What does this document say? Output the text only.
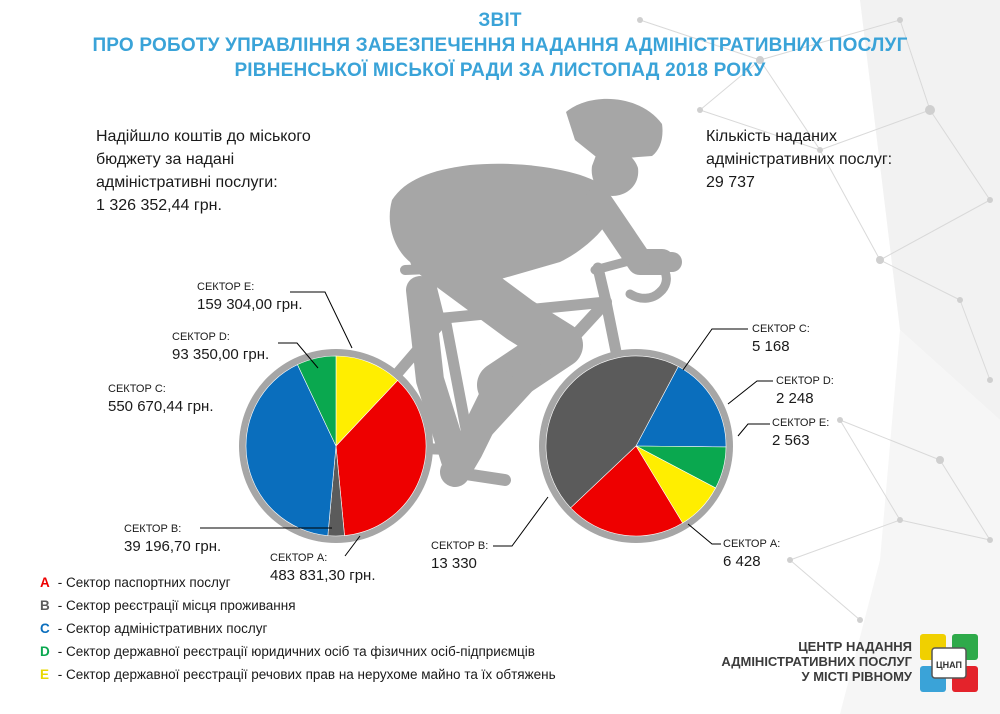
ЗВІТ
ПРО РОБОТУ УПРАВЛІННЯ ЗАБЕЗПЕЧЕННЯ НАДАННЯ АДМІНІСТРАТИВНИХ ПОСЛУГ
РІВНЕНСЬКОЇ МІСЬКОЇ РАДИ ЗА ЛИСТОПАД 2018 РОКУ
Надійшло коштів до міського
бюджету за надані
адміністративні послуги:
1 326 352,44 грн.
Кількість наданих
адміністративних послуг:
29 737
СЕКТОР E:
159 304,00 грн.
СЕКТОР D:
93 350,00 грн.
СЕКТОР C:
550 670,44 грн.
СЕКТОР B:
39 196,70 грн.
СЕКТОР A:
483 831,30 грн.
СЕКТОР C:
5 168
СЕКТОР D:
2 248
СЕКТОР E:
2 563
СЕКТОР B:
13 330
СЕКТОР A:
6 428
A - Сектор паспортних послуг
B - Сектор реєстрації місця проживання
C - Сектор адміністративних послуг
D - Сектор державної реєстрації юридичних осіб та фізичних осіб-підприємців
E - Сектор державної реєстрації речових прав на нерухоме майно та їх обтяжень
ЦЕНТР НАДАННЯ
АДМІНІСТРАТИВНИХ ПОСЛУГ
У МІСТІ РІВНОМУ
ЦНАП
